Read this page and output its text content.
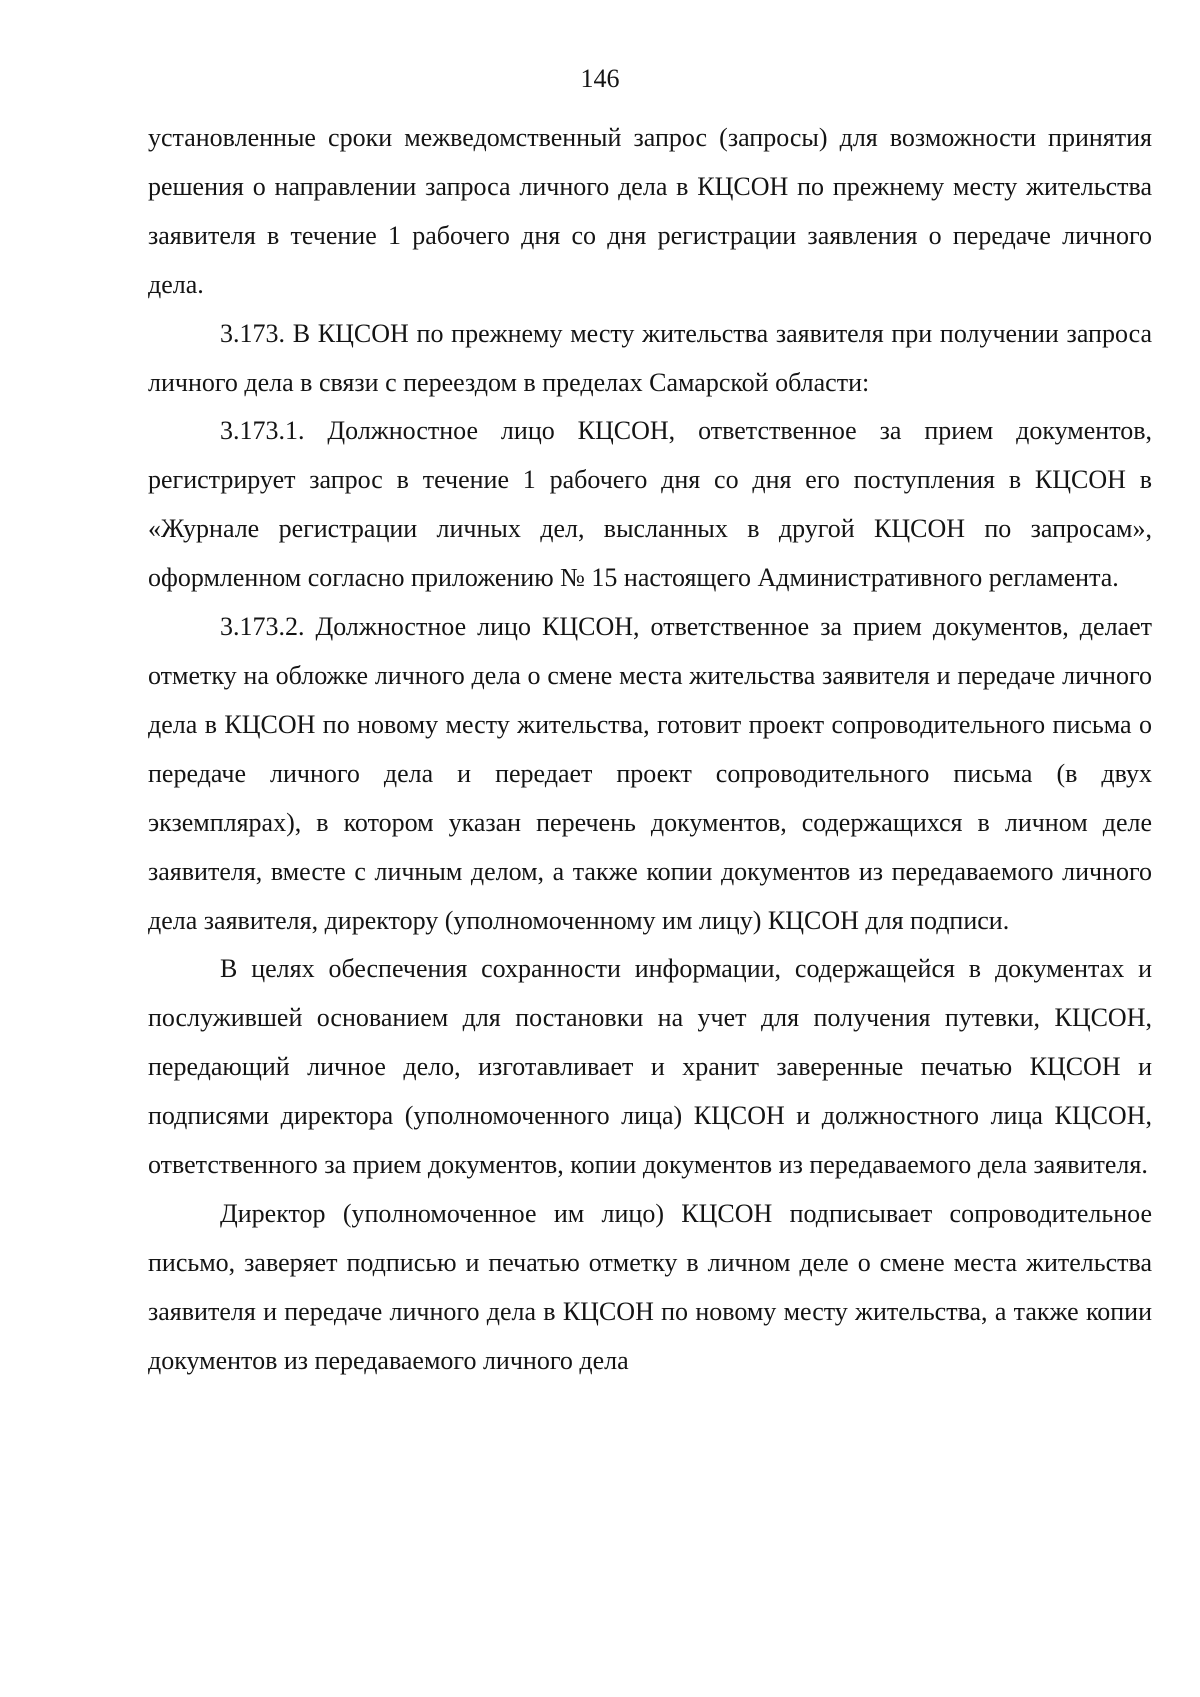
146

установленные сроки межведомственный запрос (запросы) для возможности принятия решения о направлении запроса личного дела в КЦСОН по прежнему месту жительства заявителя в течение 1 рабочего дня со дня регистрации заявления о передаче личного дела.

3.173. В КЦСОН по прежнему месту жительства заявителя при получении запроса личного дела в связи с переездом в пределах Самарской области:

3.173.1. Должностное лицо КЦСОН, ответственное за прием документов, регистрирует запрос в течение 1 рабочего дня со дня его поступления в КЦСОН в «Журнале регистрации личных дел, высланных в другой КЦСОН по запросам», оформленном согласно приложению № 15 настоящего Административного регламента.

3.173.2. Должностное лицо КЦСОН, ответственное за прием документов, делает отметку на обложке личного дела о смене места жительства заявителя и передаче личного дела в КЦСОН по новому месту жительства, готовит проект сопроводительного письма о передаче личного дела и передает проект сопроводительного письма (в двух экземплярах), в котором указан перечень документов, содержащихся в личном деле заявителя, вместе с личным делом, а также копии документов из передаваемого личного дела заявителя, директору (уполномоченному им лицу) КЦСОН для подписи.

В целях обеспечения сохранности информации, содержащейся в документах и послужившей основанием для постановки на учет для получения путевки, КЦСОН, передающий личное дело, изготавливает и хранит заверенные печатью КЦСОН и подписями директора (уполномоченного лица) КЦСОН и должностного лица КЦСОН, ответственного за прием документов, копии документов из передаваемого дела заявителя.

Директор (уполномоченное им лицо) КЦСОН подписывает сопроводительное письмо, заверяет подписью и печатью отметку в личном деле о смене места жительства заявителя и передаче личного дела в КЦСОН по новому месту жительства, а также копии документов из передаваемого личного дела
